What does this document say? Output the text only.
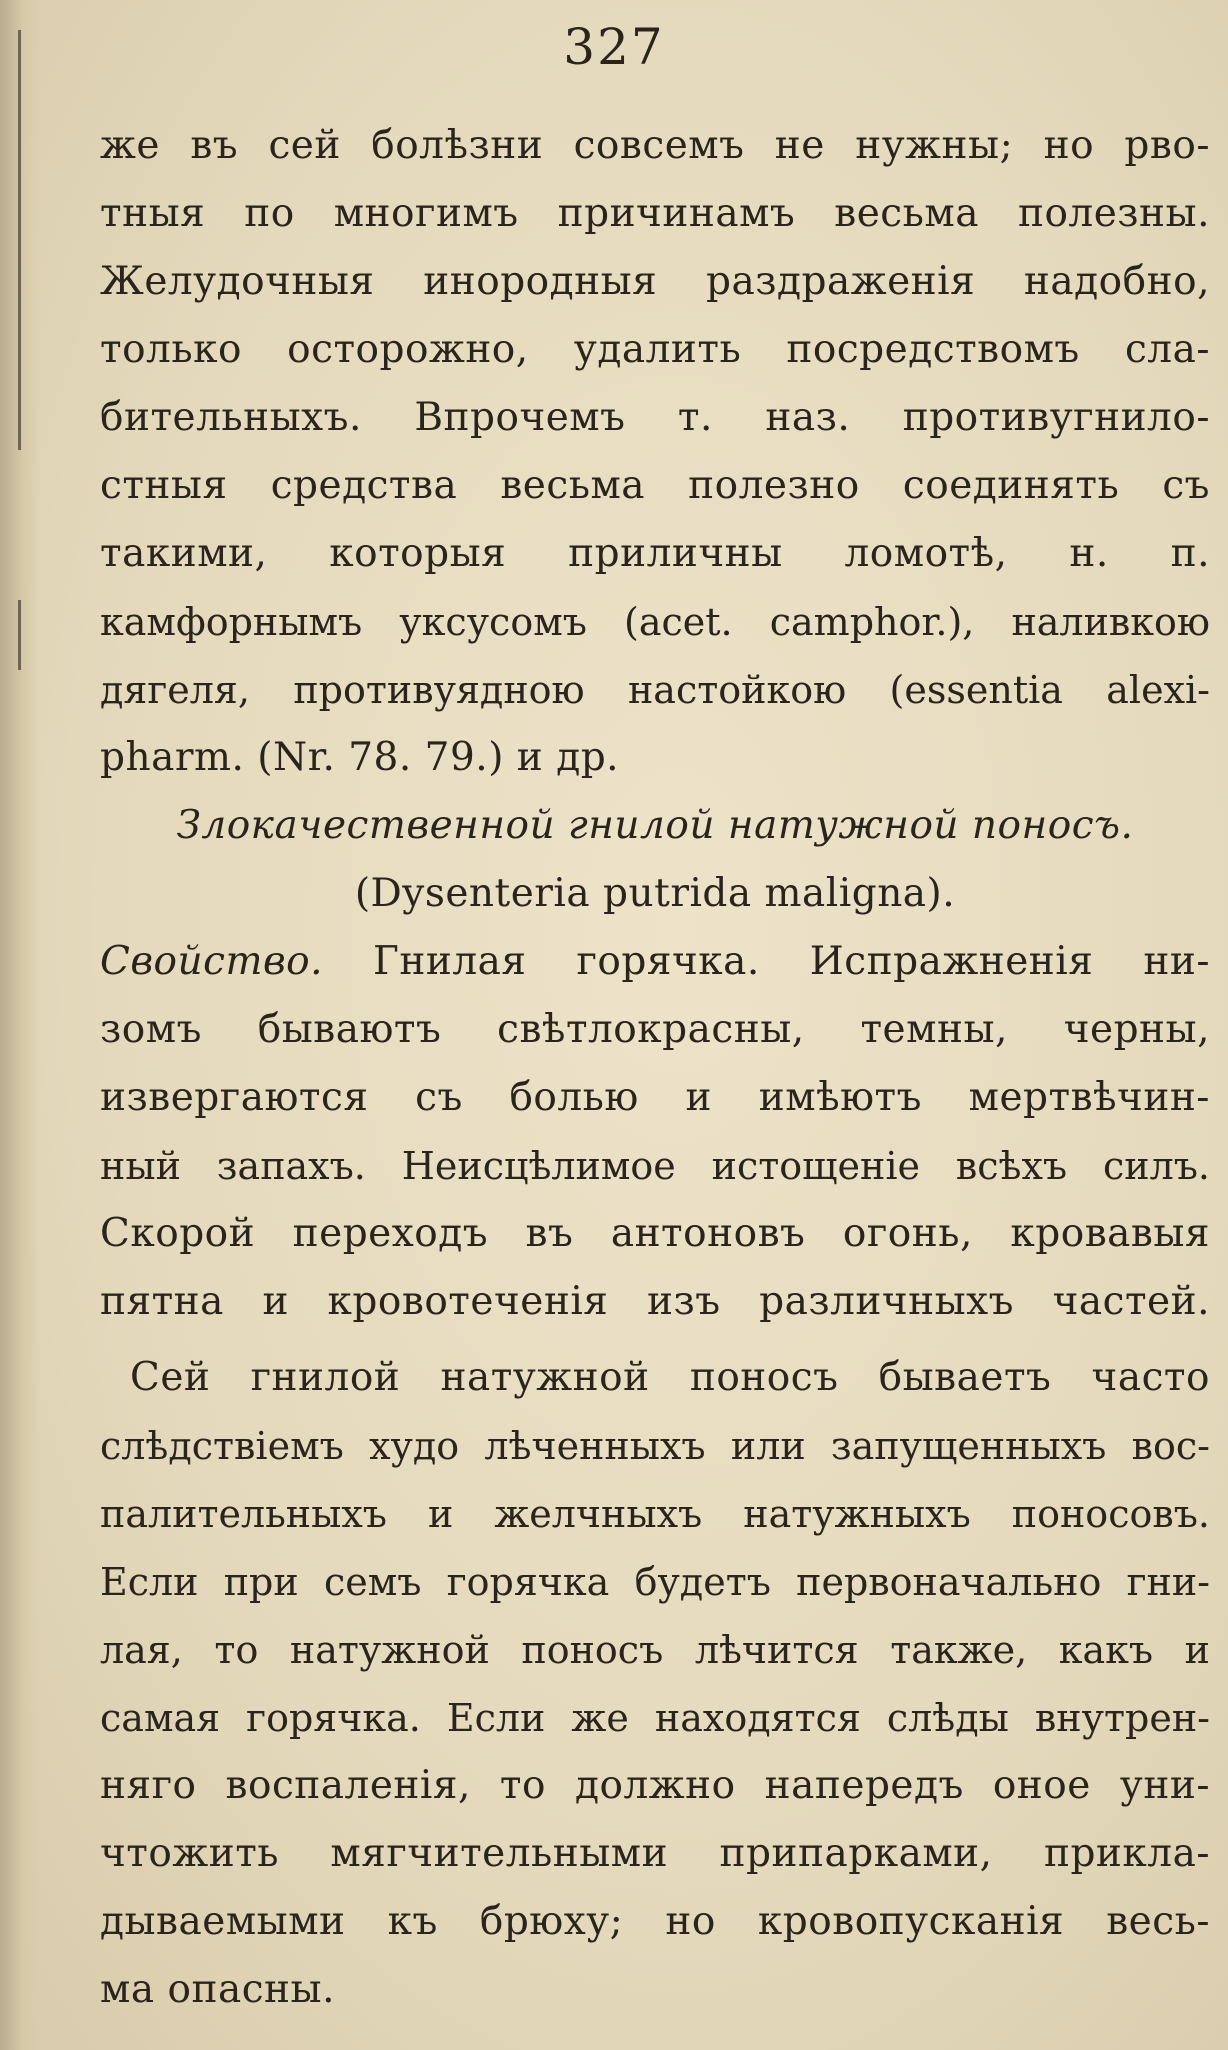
327
же въ сей болѣзни совсемъ не нужны; но рво-
тныя по многимъ причинамъ весьма полезны.
Желудочныя инородныя раздраженія надобно,
только осторожно, удалить посредствомъ сла-
бительныхъ. Впрочемъ т. наз. противугнило-
стныя средства весьма полезно соединять съ
такими, которыя приличны ломотѣ, н. п.
камфорнымъ уксусомъ (acet. camphor.), наливкою
дягеля, противуядною настойкою (essentia alexi-
pharm. (Nr. 78. 79.) и др.
Злокачественной гнилой натужной поносъ.
(Dysenteria putrida maligna).
Свойство. Гнилая горячка. Испражненія ни-
зомъ бываютъ свѣтлокрасны, темны, черны,
извергаются съ болью и имѣютъ мертвѣчин-
ный запахъ. Неисцѣлимое истощеніе всѣхъ силъ.
Скорой переходъ въ антоновъ огонь, кровавыя
пятна и кровотеченія изъ различныхъ частей.
Сей гнилой натужной поносъ бываетъ часто
слѣдствіемъ худо лѣченныхъ или запущенныхъ вос-
палительныхъ и желчныхъ натужныхъ поносовъ.
Если при семъ горячка будетъ первоначально гни-
лая, то натужной поносъ лѣчится также, какъ и
самая горячка. Если же находятся слѣды внутрен-
няго воспаленія, то должно напередъ оное уни-
чтожить мягчительными припарками, прикла-
дываемыми къ брюху; но кровопусканія весь-
ма опасны.
